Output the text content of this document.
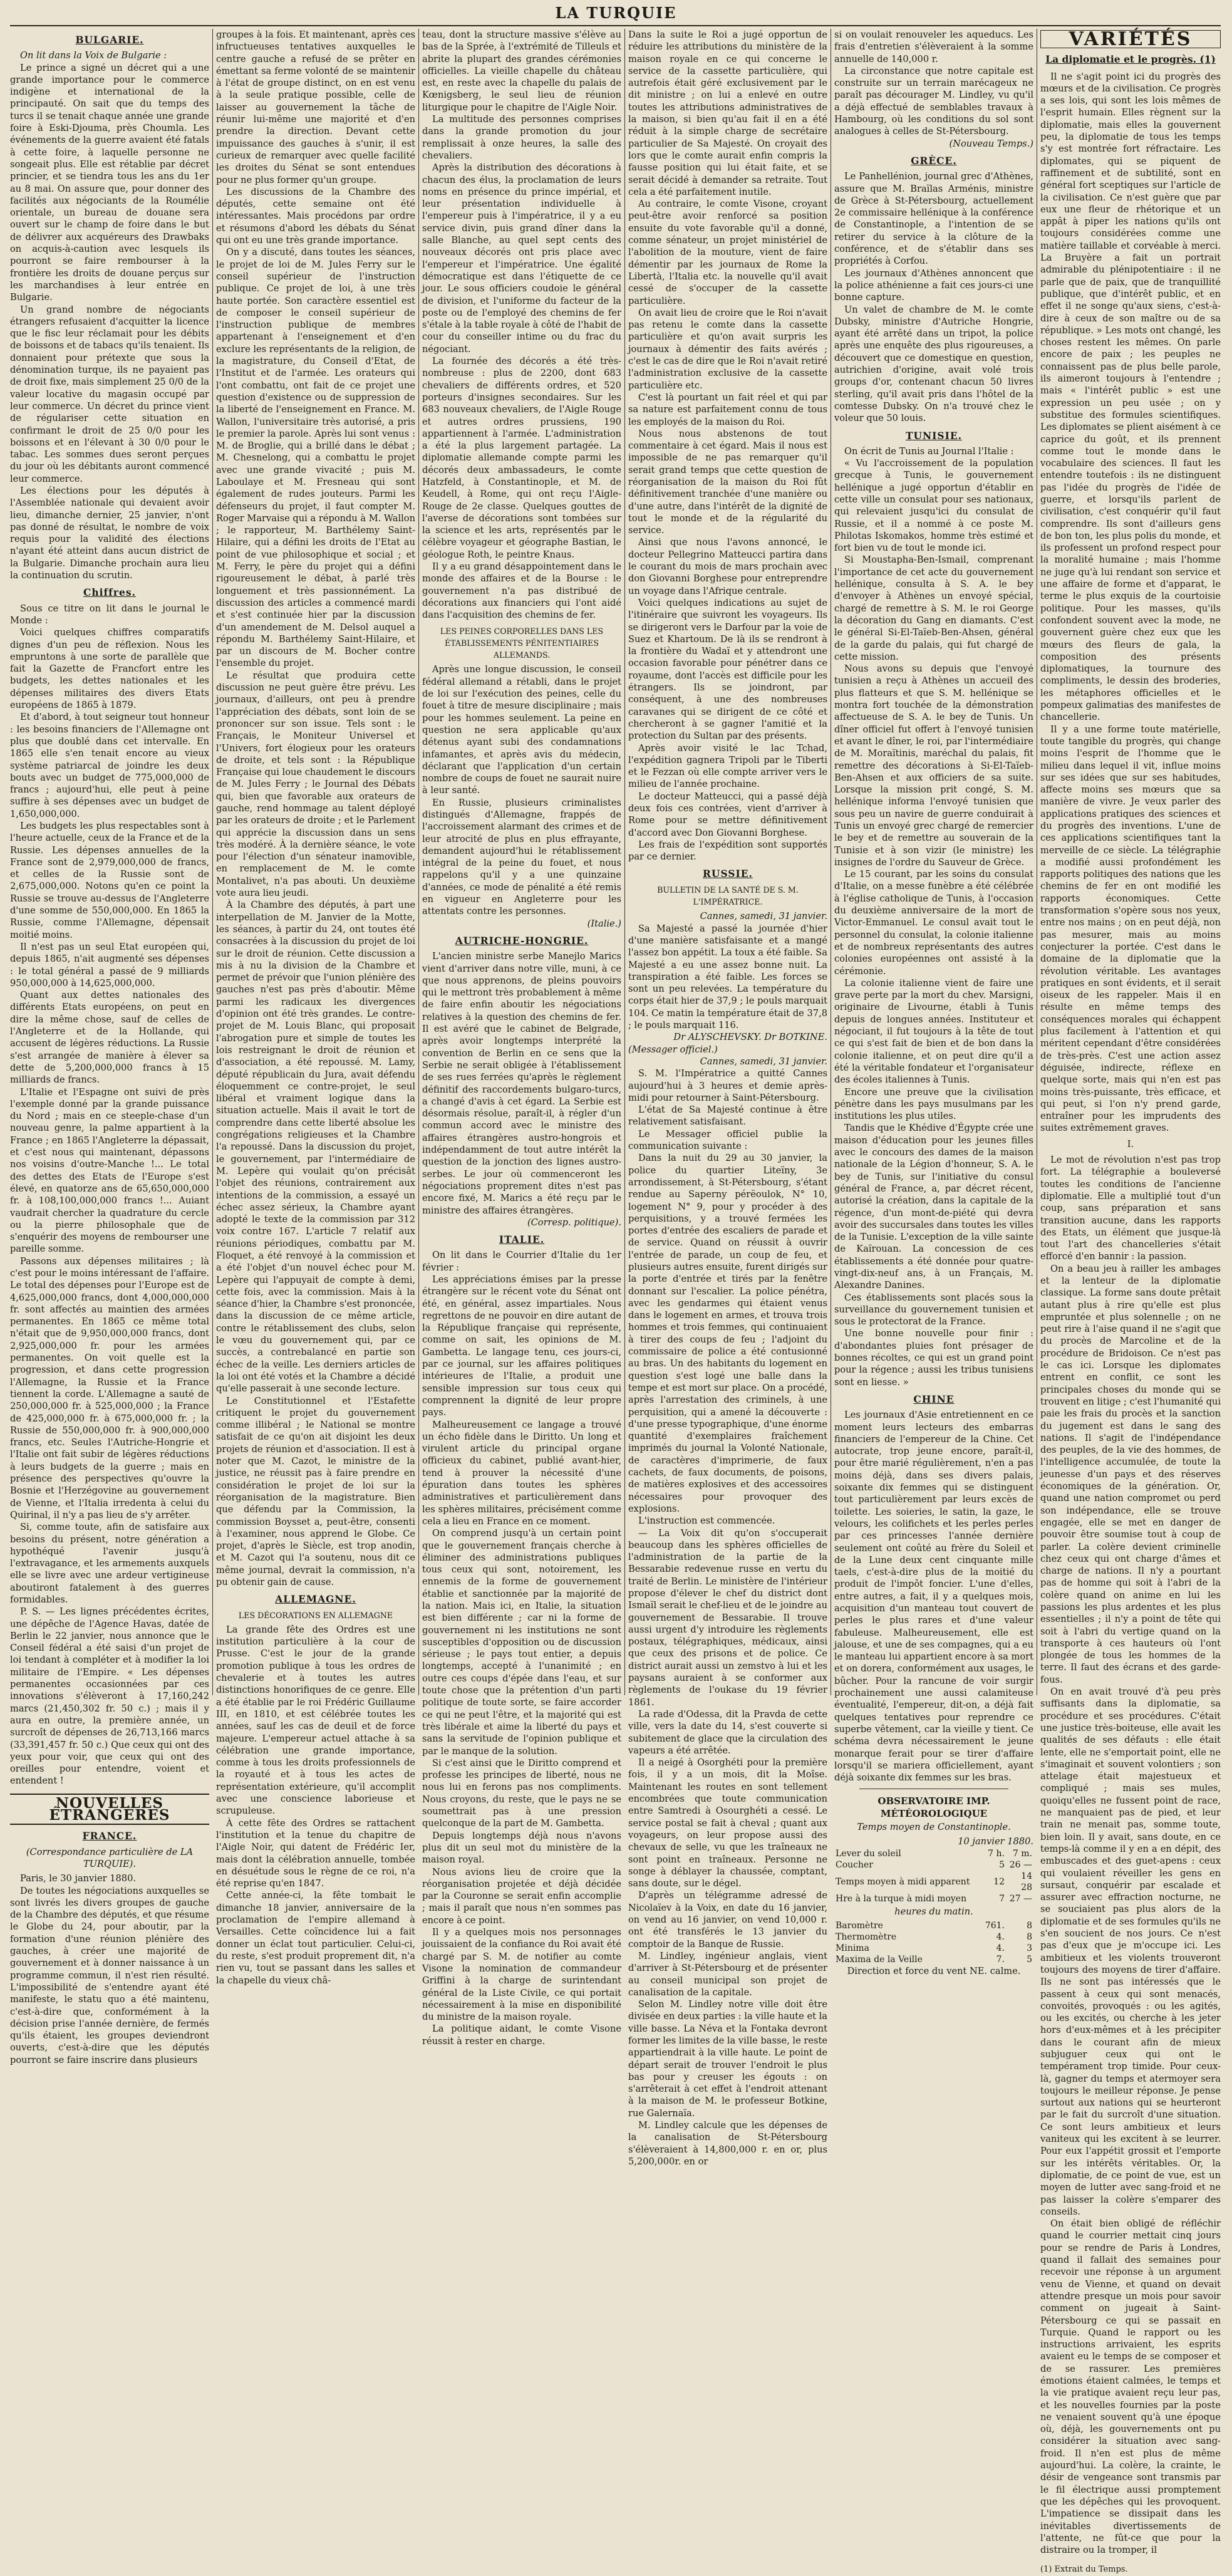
LA TURQUIE
BULGARIE.

On lit dans la Voix de Bulgarie :

Le prince a signé un décret qui a une grande importance pour le commerce indigène et international de la principauté. On sait que du temps des turcs il se tenait chaque année une grande foire à Eski-Djouma, près Choumla. Les événements de la guerre avaient été fatals à cette foire, à laquelle personne ne songeait plus. Elle est rétablie par décret princier, et se tiendra tous les ans du 1er au 8 mai. On assure que, pour donner des facilités aux négociants de la Roumélie orientale, un bureau de douane sera ouvert sur le champ de foire dans le but de délivrer aux acquéreurs des Drawbaks on acquis-à-caution avec lesquels ils pourront se faire rembourser à la frontière les droits de douane perçus sur les marchandises à leur entrée en Bulgarie.

Un grand nombre de négociants étrangers refusaient d'acquitter la licence que le fisc leur réclamait pour les débits de boissons et de tabacs qu'ils tenaient. Ils donnaient pour prétexte que sous la dénomination turque, ils ne payaient pas de droit fixe, mais simplement 25 0/0 de la valeur locative du magasin occupé par leur commerce. Un décret du prince vient de régulariser cette situation en confirmant le droit de 25 0/0 pour les boissons et en l'élevant à 30 0/0 pour le tabac. Les sommes dues seront perçues du jour où les débitants auront commencé leur commerce.

Les élections pour les députés à l'Assemblée nationale qui devaient avoir lieu, dimanche dernier, 25 janvier, n'ont pas donné de résultat, le nombre de voix requis pour la validité des élections n'ayant été atteint dans aucun district de la Bulgarie. Dimanche prochain aura lieu la continuation du scrutin.

Chiffres.

Sous ce titre on lit dans le journal le Monde :

Voici quelques chiffres comparatifs dignes d'un peu de réflexion. Nous les empruntons à une sorte de parallèle que fait la Gazette de Francfort entre les budgets, les dettes nationales et les dépenses militaires des divers Etats européens de 1865 à 1879.

Et d'abord, à tout seigneur tout honneur : les besoins financiers de l'Allemagne ont plus que doublé dans cet intervalle. En 1865 elle s'en tenait encore au vieux système patriarcal de joindre les deux bouts avec un budget de 775,000,000 de francs ; aujourd'hui, elle peut à peine suffire à ses dépenses avec un budget de 1,650,000,000.

Les budgets les plus respectables sont à l'heure actuelle, ceux de la France et de la Russie. Les dépenses annuelles de la France sont de 2,979,000,000 de francs, et celles de la Russie sont de 2,675,000,000. Notons qu'en ce point la Russie se trouve au-dessus de l'Angleterre d'une somme de 550,000,000. En 1865 la Russie, comme l'Allemagne, dépensait moitié moins.

Il n'est pas un seul Etat européen qui, depuis 1865, n'ait augmenté ses dépenses : le total général a passé de 9 milliards 950,000,000 à 14,625,000,000.

Quant aux dettes nationales des différents Etats européens, on peut en dire la même chose, sauf de celles de l'Angleterre et de la Hollande, qui accusent de légères réductions. La Russie s'est arrangée de manière à élever sa dette de 5,200,000,000 francs à 15 milliards de francs.

L'Italie et l'Espagne ont suivi de près l'exemple donné par la grande puissance du Nord ; mais en ce steeple-chase d'un nouveau genre, la palme appartient à la France ; en 1865 l'Angleterre la dépassait, et c'est nous qui maintenant, dépassons nos voisins d'outre-Manche !... Le total des dettes des Etats de l'Europe s'est élevé, en quatorze ans de 65,650,000,000 fr. à 108,100,000,000 francs !... Auiant vaudrait chercher la quadrature du cercle ou la pierre philosophale que de s'enquérir des moyens de rembourser une pareille somme.

Passons aux dépenses militaires ; là c'est pour le moins intéressant de l'affaire. Le total des dépenses pour l'Europe est de 4,625,000,000 francs, dont 4,000,000,000 fr. sont affectés au maintien des armées permanentes. En 1865 ce même total n'était que de 9,950,000,000 francs, dont 2,925,000,000 fr. pour les armées permanentes. On voit quelle est la progression, et dans cette progression l'Allemagne, la Russie et la France tiennent la corde. L'Allemagne a sauté de 250,000,000 fr. à 525,000,000 ; la France de 425,000,000 fr. à 675,000,000 fr. ; la Russie de 550,000,000 fr. à 900,000,000 francs, etc. Seules l'Autriche-Hongrie et l'Italie ont fait subir de légères réductions à leurs budgets de la guerre ; mais en présence des perspectives qu'ouvre la Bosnie et l'Herzégovine au gouvernement de Vienne, et l'Italia irredenta à celui du Quirinal, il n'y a pas lieu de s'y arrêter.

Si, comme toute, afin de satisfaire aux besoins du présent, notre génération a hypothéqué l'avenir jusqu'à l'extravagance, et les armements auxquels elle se livre avec une ardeur vertigineuse aboutiront fatalement à des guerres formidables.

P. S. — Les lignes précédentes écrites, une dépêche de l'Agence Havas, datée de Berlin le 22 janvier, nous annonce que le Conseil fédéral a été saisi d'un projet de loi tendant à compléter et à modifier la loi militaire de l'Empire. « Les dépenses permanentes occasionnées par ces innovations s'élèveront à 17,160,242 marcs (21,450,302 fr. 50 c.) ; mais il y aura en outre, la première année, un surcroît de dépenses de 26,713,166 marcs (33,391,457 fr. 50 c.) Que ceux qui ont des yeux pour voir, que ceux qui ont des oreilles pour entendre, voient et entendent !

NOUVELLES ÉTRANGÈRES
FRANCE.
(Correspondance particulière de LA TURQUIE).

Paris, le 30 janvier 1880.

De toutes les négociations auxquelles se sont livrés les divers groupes de gauche de la Chambre des députés, et que résume le Globe du 24, pour aboutir, par la formation d'une réunion plénière des gauches, à créer une majorité de gouvernement et à donner naissance à un programme commun, il n'est rien résulté. L'impossibilité de s'entendre ayant été manifeste, le statu quo a été maintenu, c'est-à-dire que, conformément à la décision prise l'année dernière, de fermés qu'ils étaient, les groupes deviendront ouverts, c'est-à-dire que les députés pourront se faire inscrire dans plusieurs

groupes à la fois. Et maintenant, après ces infructueuses tentatives auxquelles le centre gauche a refusé de se prêter en émettant sa ferme volonté de se maintenir à l'état de groupe distinct, on en est venu à la seule pratique possible, celle de laisser au gouvernement la tâche de réunir lui-même une majorité et d'en prendre la direction. Devant cette impuissance des gauches à s'unir, il est curieux de remarquer avec quelle facilité les droites du Sénat se sont entendues pour ne plus former qu'un groupe.

Les discussions de la Chambre des députés, cette semaine ont été intéressantes. Mais procédons par ordre et résumons d'abord les débats du Sénat qui ont eu une très grande importance.

On y a discuté, dans toutes les séances, le projet de loi de M. Jules Ferry sur le conseil supérieur de l'instruction publique. Ce projet de loi, à une très haute portée. Son caractère essentiel est de composer le conseil supérieur de l'instruction publique de membres appartenant à l'enseignement et d'en exclure les représentants de la religion, de la magistrature, du Conseil d'Etat, de l'Institut et de l'armée. Les orateurs qui l'ont combattu, ont fait de ce projet une question d'existence ou de suppression de la liberté de l'enseignement en France. M. Wallon, l'universitaire très autorisé, a pris le premier la parole. Après lui sont venus : M. de Broglie, qui a brillé dans le débat ; M. Chesnelong, qui a combattu le projet avec une grande vivacité ; puis M. Laboulaye et M. Fresneau qui sont également de rudes jouteurs. Parmi les défenseurs du projet, il faut compter M. Roger Marvaise qui a répondu à M. Wallon ; le rapporteur, M. Barthélemy Saint-Hilaire, qui a défini les droits de l'Etat au point de vue philosophique et social ; et M. Ferry, le père du projet qui a défini rigoureusement le débat, à parlé très longuement et très passionnément. La discussion des articles a commencé mardi et s'est continuée hier par la discussion d'un amendement de M. Delsol auquel a répondu M. Barthélemy Saint-Hilaire, et par un discours de M. Bocher contre l'ensemble du projet.

Le résultat que produira cette discussion ne peut guère être prévu. Les journaux, d'ailleurs, ont peu à prendre l'appréciation des débats, sont loin de se prononcer sur son issue. Tels sont : le Français, le Moniteur Universel et l'Univers, fort élogieux pour les orateurs de droite, et tels sont : la République Française qui loue chaudement le discours de M. Jules Ferry ; le Journal des Débats qui, bien que favorable aux orateurs de gauche, rend hommage au talent déployé par les orateurs de droite ; et le Parlement qui apprécie la discussion dans un sens très modéré. À la dernière séance, le vote pour l'élection d'un sénateur inamovible, en remplacement de M. le comte Montalivet, n'a pas abouti. Un deuxième vote aura lieu jeudi.

À la Chambre des députés, à part une interpellation de M. Janvier de la Motte, les séances, à partir du 24, ont toutes été consacrées à la discussion du projet de loi sur le droit de réunion. Cette discussion a mis à nu la division de la Chambre et permet de prévoir que l'union plénière des gauches n'est pas près d'aboutir. Même parmi les radicaux les divergences d'opinion ont été très grandes. Le contre-projet de M. Louis Blanc, qui proposait l'abrogation pure et simple de toutes les lois restreignant le droit de réunion et d'association, a été repoussé. M. Lamy, député républicain du Jura, avait défendu éloquemment ce contre-projet, le seul libéral et vraiment logique dans la situation actuelle. Mais il avait le tort de comprendre dans cette liberté absolue les congrégations religieuses et la Chambre l'a repoussé. Dans la discussion du projet, le gouvernement, par l'intermédiaire de M. Lepère qui voulait qu'on précisât l'objet des réunions, contrairement aux intentions de la commission, a essayé un échec assez sérieux, la Chambre ayant adopté le texte de la commission par 312 voix contre 167. L'article 7 relatif aux réunions périodiques, combattu par M. Floquet, a été renvoyé à la commission et a été l'objet d'un nouvel échec pour M. Lepère qui l'appuyait de compte à demi, cette fois, avec la commission. Mais à la séance d'hier, la Chambre s'est prononcée, dans la discussion de ce même article, contre le rétablissement des clubs, selon le vœu du gouvernement qui, par ce succès, a contrebalancé en partie son échec de la veille. Les derniers articles de la loi ont été votés et la Chambre a décidé qu'elle passerait à une seconde lecture.

Le Constitutionnel et l'Estafette critiquent le projet du gouvernement comme illibéral ; le National se montre satisfait de ce qu'on ait disjoint les deux projets de réunion et d'association. Il est à noter que M. Cazot, le ministre de la justice, ne réussit pas à faire prendre en considération le projet de loi sur la réorganisation de la magistrature. Bien que défendu par la Commission, la commission Boysset a, peut-être, consenti à l'examiner, nous apprend le Globe. Ce projet, d'après le Siècle, est trop anodin, et M. Cazot qui l'a soutenu, nous dit ce même journal, devrait la commission, n'a pu obtenir gain de cause.

ALLEMAGNE.
LES DÉCORATIONS EN ALLEMAGNE

La grande fête des Ordres est une institution particulière à la cour de Prusse. C'est le jour de la grande promotion publique à tous les ordres de chevalerie et à toutes les autres distinctions honorifiques de ce genre. Elle a été établie par le roi Frédéric Guillaume III, en 1810, et est célébrée toutes les années, sauf les cas de deuil et de force majeure. L'empereur actuel attache à sa célébration une grande importance, comme à tous les droits professionnels de la royauté et à tous les actes de représentation extérieure, qu'il accomplit avec une conscience laborieuse et scrupuleuse.

À cette fête des Ordres se rattachent l'institution et la tenue du chapitre de l'Aigle Noir, qui datent de Frédéric Ier, mais dont la célébration annuelle, tombée en désuétude sous le règne de ce roi, n'a été reprise qu'en 1847.

Cette année-ci, la fête tombait le dimanche 18 janvier, anniversaire de la proclamation de l'empire allemand à Versailles. Cette coïncidence lui a fait donner un éclat tout particulier. Celui-ci, du reste, s'est produit proprement dit, n'a rien vu, tout se passant dans les salles et la chapelle du vieux châ-

teau, dont la structure massive s'élève au bas de la Sprée, à l'extrémité de Tilleuls et abrite la plupart des grandes cérémonies officielles. La vieille chapelle du château est, en reste avec la chapelle du palais de Kœnigsberg, le seul lieu de réunion liturgique pour le chapitre de l'Aigle Noir.

La multitude des personnes comprises dans la grande promotion du jour remplissait à onze heures, la salle des chevaliers.

Après la distribution des décorations à chacun des élus, la proclamation de leurs noms en présence du prince impérial, et leur présentation individuelle à l'empereur puis à l'impératrice, il y a eu service divin, puis grand dîner dans la salle Blanche, au quel sept cents des nouveaux décorés ont pris place avec l'empereur et l'impératrice. Une égalité démocratique est dans l'étiquette de ce jour. Le sous officiers coudoie le général de division, et l'uniforme du facteur de la poste ou de l'employé des chemins de fer s'étale à la table royale à côté de l'habit de cour du conseiller intime ou du frac du négociant.

La fournée des décorés a été très-nombreuse : plus de 2200, dont 683 chevaliers de différents ordres, et 520 porteurs d'insignes secondaires. Sur les 683 nouveaux chevaliers, de l'Aigle Rouge et autres ordres prussiens, 190 appartiennent à l'armée. L'administration a été la plus largement partagée. La diplomatie allemande compte parmi les décorés deux ambassadeurs, le comte Hatzfeld, à Constantinople, et M. de Keudell, à Rome, qui ont reçu l'Aigle-Rouge de 2e classe. Quelques gouttes de l'averse de décorations sont tombées sur la science et les arts, représentés par le célèbre voyageur et géographe Bastian, le géologue Roth, le peintre Knaus.

Il y a eu grand désappointement dans le monde des affaires et de la Bourse : le gouvernement n'a pas distribué de décorations aux financiers qui l'ont aidé dans l'acquisition des chemins de fer.

LES PEINES CORPORELLES DANS LES ÉTABLISSEMENTS PÉNITENTIAIRES ALLEMANDS.

Après une longue discussion, le conseil fédéral allemand a rétabli, dans le projet de loi sur l'exécution des peines, celle du fouet à titre de mesure disciplinaire ; mais pour les hommes seulement. La peine en question ne sera applicable qu'aux détenus ayant subi des condamnations infamantes, et après avis du médecin, déclarant que l'application d'un certain nombre de coups de fouet ne saurait nuire à leur santé.

En Russie, plusieurs criminalistes distingués d'Allemagne, frappés de l'accroissement alarmant des crimes et de leur atrocité de plus en plus effrayante, demandent aujourd'hui le rétablissement intégral de la peine du fouet, et nous rappelons qu'il y a une quinzaine d'années, ce mode de pénalité a été remis en vigueur en Angleterre pour les attentats contre les personnes.

(Italie.)
AUTRICHE-HONGRIE.

L'ancien ministre serbe Manejlo Marics vient d'arriver dans notre ville, muni, à ce que nous apprenons, de pleins pouvoirs qui le mettront très probablement à même de faire enfin aboutir les négociations relatives à la question des chemins de fer. Il est avéré que le cabinet de Belgrade, après avoir longtemps interprété la convention de Berlin en ce sens que la Serbie ne serait obligée à l'établissement de ses rues ferrées qu'après le règlement définitif des raccordements bulgaro-turcs, a changé d'avis à cet égard. La Serbie est désormais résolue, paraît-il, à régler d'un commun accord avec le ministre des affaires étrangères austro-hongrois et indépendamment de tout autre intérêt la question de la jonction des lignes austro-serbes. Le jour où commenceront les négociations proprement dites n'est pas encore fixé, M. Marics a été reçu par le ministre des affaires étrangères.

(Corresp. politique).
ITALIE.

On lit dans le Courrier d'Italie du 1er février :

Les appréciations émises par la presse étrangère sur le récent vote du Sénat ont été, en général, assez impartiales. Nous regrettons de ne pouvoir en dire autant de la République française qui représente, comme on sait, les opinions de M. Gambetta. Le langage tenu, ces jours-ci, par ce journal, sur les affaires politiques intérieures de l'Italie, a produit une sensible impression sur tous ceux qui comprennent la dignité de leur propre pays.

Malheureusement ce langage a trouvé un écho fidèle dans le Diritto. Un long et virulent article du principal organe officieux du cabinet, publié avant-hier, tend à prouver la nécessité d'une épuration dans toutes les sphères administratives et particulièrement dans les sphères militaires, précisément comme cela a lieu en France en ce moment.

On comprend jusqu'à un certain point que le gouvernement français cherche à éliminer des administrations publiques tous ceux qui sont, notoirement, les ennemis de la forme de gouvernement établie et sanctionnée par la majorité de la nation. Mais ici, en Italie, la situation est bien différente ; car ni la forme de gouvernement ni les institutions ne sont susceptibles d'opposition ou de discussion sérieuse ; le pays tout entier, a depuis longtemps, accepté à l'unanimité ; en outre ces coups d'épée dans l'eau, et sur toute chose que la prétention d'un parti politique de toute sorte, se faire accorder ce qui ne peut l'être, et la majorité qui est très libérale et aime la liberté du pays et sans la servitude de l'opinion publique et par le manque de la solution.

Si c'est ainsi que le Diritto comprend et professe les principes de liberté, nous ne nous lui en ferons pas nos compliments. Nous croyons, du reste, que le pays ne se soumettrait pas à une pression quelconque de la part de M. Gambetta.

Depuis longtemps déjà nous n'avons plus dit un seul mot du ministère de la maison royal.

Nous avions lieu de croire que la réorganisation projetée et déjà décidée par la Couronne se serait enfin accomplie ; mais il paraît que nous n'en sommes pas encore à ce point.

Il y a quelques mois nos personnages jouissaient de la confiance du Roi avait été chargé par S. M. de notifier au comte Visone la nomination de commandeur Griffini à la charge de surintendant général de la Liste Civile, ce qui portait nécessairement à la mise en disponibilité du ministre de la maison royale.

La politique aidant, le comte Visone réussit à rester en charge.

Dans la suite le Roi a jugé opportun de réduire les attributions du ministère de la maison royale en ce qui concerne le service de la cassette particulière, qui autrefois était géré exclusivement par le dit ministre ; on lui a enlevé en outre toutes les attributions administratives de la maison, si bien qu'au fait il en a été réduit à la simple charge de secrétaire particulier de Sa Majesté. On croyait des lors que le comte aurait enfin compris la fausse position qui lui était faite, et se serait décidé à demander sa retraite. Tout cela a été parfaitement inutile.

Au contraire, le comte Visone, croyant peut-être avoir renforcé sa position ensuite du vote favorable qu'il a donné, comme sénateur, un projet ministériel de l'abolition de la mouture, vient de faire démentir par les journaux de Rome la Libertà, l'Italia etc. la nouvelle qu'il avait cessé de s'occuper de la cassette particulière.

On avait lieu de croire que le Roi n'avait pas retenu le comte dans la cassette particulière et qu'on avait surpris les journaux à démentir des faits avérés ; c'est le cas de dire que le Roi n'avait retiré l'administration exclusive de la cassette particulière etc.

C'est là pourtant un fait réel et qui par sa nature est parfaitement connu de tous les employés de la maison du Roi.

Nous nous abstenons de tout commentaire à cet égard. Mais il nous est impossible de ne pas remarquer qu'il serait grand temps que cette question de réorganisation de la maison du Roi fût définitivement tranchée d'une manière ou d'une autre, dans l'intérêt de la dignité de tout le monde et de la régularité du service.

Ainsi que nous l'avons annoncé, le docteur Pellegrino Matteucci partira dans le courant du mois de mars prochain avec don Giovanni Borghese pour entreprendre un voyage dans l'Afrique centrale.

Voici quelques indications au sujet de l'itinéraire que suivront les voyageurs. Ils se dirigeront vers le Darfour par la voie de Suez et Khartoum. De là ils se rendront à la frontière du Wadaï et y attendront une occasion favorable pour pénétrer dans ce royaume, dont l'accès est difficile pour les étrangers. Ils se joindront, par conséquent, à une des nombreuses caravanes qui se dirigent de ce côté et chercheront à se gagner l'amitié et la protection du Sultan par des présents.

Après avoir visité le lac Tchad, l'expédition gagnera Tripoli par le Tiberti et le Fezzan où elle compte arriver vers le milieu de l'année prochaine.

Le docteur Matteucci, qui a passé déjà deux fois ces contrées, vient d'arriver à Rome pour se mettre définitivement d'accord avec Don Giovanni Borghese.

Les frais de l'expédition sont supportés par ce dernier.

RUSSIE.
BULLETIN DE LA SANTÉ DE S. M. L'IMPÉRATRICE.
Cannes, samedi, 31 janvier.

Sa Majesté a passé la journée d'hier d'une manière satisfaisante et a mangé l'assez bon appétit. La toux a été faible. Sa Majesté a eu une assez bonne nuit. La transpiration a été faible. Les forces se sont un peu relevées. La température du corps était hier de 37,9 ; le pouls marquait 104. Ce matin la température était de 37,8 ; le pouls marquait 116.

Dr ALYSCHEVSKY. Dr BOTKINE.

(Messager officiel.)

Cannes, samedi, 31 janvier.

S. M. l'Impératrice a quitté Cannes aujourd'hui à 3 heures et demie après-midi pour retourner à Saint-Pétersbourg.

L'état de Sa Majesté continue à être relativement satisfaisant.

Le Messager officiel publie la communication suivante :

Dans la nuit du 29 au 30 janvier, la police du quartier Liteïny, 3e arrondissement, à St-Pétersbourg, s'étant rendue au Saperny pérëoulok, N° 10, logement N° 9, pour y procéder à des perquisitions, y a trouvé fermées les portes d'entrée des escaliers de parade et de service. Quand on réussit à ouvrir l'entrée de parade, un coup de feu, et plusieurs autres ensuite, furent dirigés sur la porte d'entrée et tirés par la fenêtre donnant sur l'escalier. La police pénétra, avec les gendarmes qui étaient venus dans le logement en armes, et trouva trois hommes et trois femmes, qui continuaient à tirer des coups de feu ; l'adjoint du commissaire de police a été contusionné au bras. Un des habitants du logement en question s'est logé une balle dans la tempe et est mort sur place. On a procédé, après l'arrestation des criminels, à une perquisition, qui a amené la découverte : d'une presse typographique, d'une énorme quantité d'exemplaires fraîchement imprimés du journal la Volonté Nationale, de caractères d'imprimerie, de faux cachets, de faux documents, de poisons, de matières explosives et des accessoires nécessaires pour provoquer des explosions.

L'instruction est commencée.

— La Voix dit qu'on s'occuperait beaucoup dans les sphères officielles de l'administration de la partie de la Bessarabie redevenue russe en vertu du traité de Berlin. Le ministère de l'intérieur propose d'élever le chef du district dont Ismaïl serait le chef-lieu et de le joindre au gouvernement de Bessarabie. Il trouve aussi urgent d'y introduire les règlements postaux, télégraphiques, médicaux, ainsi que ceux des prisons et de police. Ce district aurait aussi un zemstvo à lui et les paysans auraient à se conformer aux règlements de l'oukase du 19 février 1861.

La rade d'Odessa, dit la Pravda de cette ville, vers la date du 14, s'est couverte si subitement de glace que la circulation des vapeurs a été arrêtée.

Il a neigé à Osorghéti pour la première fois, il y a un mois, dit la Moîse. Maintenant les routes en sont tellement encombrées que toute communication entre Samtredi à Osourghéti a cessé. Le service postal se fait à cheval ; quant aux voyageurs, on leur propose aussi des chevaux de selle, vu que les traîneaux ne sont point en traîneaux. Personne ne songe à déblayer la chaussée, comptant, sans doute, sur le dégel.

D'après un télégramme adressé de Nicolaïev à la Voix, en date du 16 janvier, on vend au 16 janvier, on vend 10,000 r. ont été transférés le 13 janvier du comptoir de la Banque de Russie.

M. Lindley, ingénieur anglais, vient d'arriver à St-Pétersbourg et de présenter au conseil municipal son projet de canalisation de la capitale.

Selon M. Lindley notre ville doit être divisée en deux parties : la ville haute et la ville basse. La Néva et la Fontaka devront former les limites de la ville basse, le reste appartiendrait à la ville haute. Le point de départ serait de trouver l'endroit le plus bas pour y creuser les égouts : on s'arrêterait à cet effet à l'endroit attenant à la maison de M. le professeur Botkine, rue Galernaïa.

M. Lindley calcule que les dépenses de la canalisation de St-Pétersbourg s'élèveraient à 14,800,000 r. en or, plus 5,200,000r. en or

si on voulait renouveler les aqueducs. Les frais d'entretien s'élèveraient à la somme annuelle de 140,000 r.

La circonstance que notre capitale est construite sur un terrain marécageux ne paraît pas décourager M. Lindley, vu qu'il a déjà effectué de semblables travaux à Hambourg, où les conditions du sol sont analogues à celles de St-Pétersbourg.

(Nouveau Temps.)
GRÈCE.

Le Panhellénion, journal grec d'Athènes, assure que M. Braïlas Arménis, ministre de Grèce à St-Pétersbourg, actuellement 2e commissaire hellénique à la conférence de Constantinople, a l'intention de se retirer du service à la clôture de la conférence, et de s'établir dans ses propriétés à Corfou.

Les journaux d'Athènes annoncent que la police athénienne a fait ces jours-ci une bonne capture.

Un valet de chambre de M. le comte Dubsky, ministre d'Autriche Hongrie, ayant été arrêté dans un tripot, la police après une enquête des plus rigoureuses, a découvert que ce domestique en question, autrichien d'origine, avait volé trois groups d'or, contenant chacun 50 livres sterling, qu'il avait pris dans l'hôtel de la comtesse Dubsky. On n'a trouvé chez le voleur que 50 louis.

TUNISIE.

On écrit de Tunis au Journal l'Italie :

« Vu l'accroissement de la population grecque à Tunis, le gouvernement hellénique a jugé opportun d'établir en cette ville un consulat pour ses nationaux, qui relevaient jusqu'ici du consulat de Russie, et il a nommé à ce poste M. Philotas Iskomakos, homme très estimé et fort bien vu de tout le monde ici.

Si Moustapha-Ben-Ismail, comprenant l'importance de cet acte du gouvernement hellénique, consulta à S. A. le bey d'envoyer à Athènes un envoyé spécial, chargé de remettre à S. M. le roi George la décoration du Gang en diamants. C'est le général Si-El-Taïeb-Ben-Ahsen, général de la garde du palais, qui fut chargé de cette mission.

Nous avons su depuis que l'envoyé tunisien a reçu à Athènes un accueil des plus flatteurs et que S. M. hellénique se montra fort touchée de la démonstration affectueuse de S. A. le bey de Tunis. Un dîner officiel fut offert à l'envoyé tunisien et avant le dîner, le roi, par l'intermédiaire de M. Moraïtinis, maréchal du palais, fit remettre des décorations à Si-El-Taïeb-Ben-Ahsen et aux officiers de sa suite. Lorsque la mission prit congé, S. M. hellénique informa l'envoyé tunisien que sous peu un navire de guerre conduirait à Tunis un envoyé grec chargé de remercier le bey et de remettre au souverain de la Tunisie et à son vizir (le ministre) les insignes de l'ordre du Sauveur de Grèce.

Le 15 courant, par les soins du consulat d'Italie, on a messe funèbre a été célébrée à l'église catholique de Tunis, à l'occasion du deuxième anniversaire de la mort de Victor-Emmanuel. Le consul avait tout le personnel du consulat, la colonie italienne et de nombreux représentants des autres colonies européennes ont assisté à la cérémonie.

La colonie italienne vient de faire une grave perte par la mort du chev. Marsigni, originaire de Livourne, établi à Tunis depuis de longues années. Instituteur et négociant, il fut toujours à la tête de tout ce qui s'est fait de bien et de bon dans la colonie italienne, et on peut dire qu'il a été la véritable fondateur et l'organisateur des écoles italiennes à Tunis.

Encore une preuve que la civilisation pénètre dans les pays musulmans par les institutions les plus utiles.

Tandis que le Khédive d'Égypte crée une maison d'éducation pour les jeunes filles avec le concours des dames de la maison nationale de la Légion d'honneur, S. A. le bey de Tunis, sur l'initiative du consul général de France, a, par décret récent, autorisé la création, dans la capitale de la régence, d'un mont-de-piété qui devra avoir des succursales dans toutes les villes de la Tunisie. L'exception de la ville sainte de Kaïrouan. La concession de ces établissements a été donnée pour quatre-vingt-dix-neuf ans, à un Français, M. Alexandre Danines.

Ces établissements sont placés sous la surveillance du gouvernement tunisien et sous le protectorat de la France.

Une bonne nouvelle pour finir : d'abondantes pluies font présager de bonnes récoltes, ce qui est un grand point pour la régence ; aussi les tribus tunisiens sont en liesse. »

CHINE

Les journaux d'Asie entretiennent en ce moment leurs lecteurs des embarras financiers de l'empereur de la Chine. Cet autocrate, trop jeune encore, paraît-il, pour être marié régulièrement, n'en a pas moins déjà, dans ses divers palais, soixante dix femmes qui se distinguent tout particulièrement par leurs excès de toilette. Les soieries, le satin, la gaze, le velours, les colifichets et les perles perles par ces princesses l'année dernière seulement ont coûté au frère du Soleil et de la Lune deux cent cinquante mille taels, c'est-à-dire plus de la moitié du produit de l'impôt foncier. L'une d'elles, entre autres, a fait, il y a quelques mois, acquisition d'un manteau tout couvert de perles le plus rares et d'une valeur fabuleuse. Malheureusement, elle est jalouse, et une de ses compagnes, qui a eu le manteau lui appartient encore à sa mort et on dorera, conformément aux usages, le bûcher. Pour la rancune de voir surgir prochainement une aussi calamiteuse éventualité, l'empereur, dit-on, a déjà fait quelques tentatives pour reprendre ce superbe vêtement, car la vieille y tient. Ce schéma devra nécessairement le jeune monarque ferait pour se tirer d'affaire lorsqu'il se mariera officiellement, ayant déjà soixante dix femmes sur les bras.

OBSERVATOIRE IMP. MÉTÉOROLOGIQUE
Temps moyen de Constantinople.
10 janvier 1880.
Lever du soleil	7 h.	7 m.
Coucher	5	26 —
Temps moyen à midi apparent	12	14 28
Hre à la turque à midi moyen	7	27 —
heures du matin.
Baromètre	761.	8
Thermomètre	4.	8
Minima	4.	3
Maxima de la Veille	7.	5
Direction et force du vent NE. calme.
VARIÉTÉS
La diplomatie et le progrès. (1)

Il ne s'agit point ici du progrès des mœurs et de la civilisation. Ce progrès a ses lois, qui sont les lois mêmes de l'esprit humain. Elles règnent sur la diplomatie, mais elles la gouvernent peu, la diplomatie de tous les temps s'y est montrée fort réfractaire. Les diplomates, qui se piquent de raffinement et de subtilité, sont en général fort sceptiques sur l'article de la civilisation. Ce n'est guère que par eux une fleur de rhétorique et un appât à piper les nations qu'ils ont toujours considérées comme une matière taillable et corvéable à merci. La Bruyère a fait un portrait admirable du plénipotentiaire : il ne parle que de paix, que de tranquillité publique, que d'intérêt public, et en effet il ne songe qu'aux siens, c'est-à-dire à ceux de son maître ou de sa république. » Les mots ont changé, les choses restent les mêmes. On parle encore de paix ; les peuples ne connaissent pas de plus belle parole, ils aimeront toujours à l'entendre ; mais « l'intérêt public » est une expression un peu usée ; on y substitue des formules scientifiques. Les diplomates se plient aisément à ce caprice du goût, et ils prennent comme tout le monde dans le vocabulaire des sciences. Il faut les entendre toutefois : ils ne distinguent pas l'idée du progrès de l'idée de guerre, et lorsqu'ils parlent de civilisation, c'est conquérir qu'il faut comprendre. Ils sont d'ailleurs gens de bon ton, les plus polis du monde, et ils professent un profond respect pour la moralité humaine ; mais l'homme ne juge qu'à lui rendant son service et une affaire de forme et d'apparat, le terme le plus exquis de la courtoisie politique. Pour les masses, qu'ils confondent souvent avec la mode, ne gouvernent guère chez eux que les mœurs des fleurs de gala, la composition des présents diplomatiques, la tournure des compliments, le dessin des broderies, les métaphores officielles et le pompeux galimatias des manifestes de chancellerie.

Il y a une forme toute matérielle, toute tangible du progrès, qui change moins l'esprit de l'homme que le milieu dans lequel il vit, influe moins sur ses idées que sur ses habitudes, affecte moins ses mœurs que sa manière de vivre. Je veux parler des applications pratiques des sciences et du progrès des inventions. L'une de ces applications scientifiques tant la merveille de ce siècle. La télégraphie a modifié aussi profondément les rapports politiques des nations que les chemins de fer en ont modifié les rapports économiques. Cette transformation s'opère sous nos yeux, entre nos mains ; on en peut déjà, non pas mesurer, mais au moins conjecturer la portée. C'est dans le domaine de la diplomatie que la révolution véritable. Les avantages pratiques en sont évidents, et il serait oiseux de les rappeler. Mais il en résulte en même temps des conséquences morales qui échappent plus facilement à l'attention et qui méritent cependant d'être considérées de très-près. C'est une action assez déguisée, indirecte, réflexe en quelque sorte, mais qui n'en est pas moins très-puissante, très efficace, et qui peut, si l'on n'y prend garde, entraîner pour les imprudents des suites extrêmement graves.

I.

Le mot de révolution n'est pas trop fort. La télégraphie a bouleversé toutes les conditions de l'ancienne diplomatie. Elle a multiplié tout d'un coup, sans préparation et sans transition aucune, dans les rapports des Etats, un élément que jusque-là tout l'art des chancelleries s'était efforcé d'en bannir : la passion.

On a beau jeu à railler les ambages et la lenteur de la diplomatie classique. La forme sans doute prêtait autant plus à rire qu'elle est plus empruntée et plus solennelle ; on ne peut rire à l'aise quand il ne s'agit que du procès de Marcoline et de la procédure de Bridoison. Ce n'est pas le cas ici. Lorsque les diplomates entrent en conflit, ce sont les principales choses du monde qui se trouvent en litige ; c'est l'humanité qui paie les frais du procès et la sanction du jugement est dans le sang des nations. Il s'agit de l'indépendance des peuples, de la vie des hommes, de l'intelligence accumulée, de toute la jeunesse d'un pays et des réserves économiques de la génération. Or, quand une nation compromet ou perd son indépendance, elle se trouve engagée, elle se met en danger de pouvoir être soumise tout à coup de parler. La colère devient criminelle chez ceux qui ont charge d'âmes et charge de nations. Il n'y a pourtant pas de homme qui soit à l'abri de la colère quand on anime en lui les passions les plus ardentes et les plus essentielles ; il n'y a point de tête qui soit à l'abri du vertige quand on la transporte à ces hauteurs où l'ont plongée de tous les hommes de la terre. Il faut des écrans et des garde-fous.

On en avait trouvé d'à peu près suffisants dans la diplomatie, sa procédure et ses procédures. C'était une justice très-boiteuse, elle avait les qualités de ses défauts : elle était lente, elle ne s'emportait point, elle ne s'imaginait et souvent volontiers ; son attelage était majestueux et compliqué ; mais ses mules, quoiqu'elles ne fussent point de race, ne manquaient pas de pied, et leur train ne menait pas, somme toute, bien loin. Il y avait, sans doute, en ce temps-là comme il y en a en dépit, des embuscades et des guet-apens : ceux qui voulaient réveiller les gens en sursaut, conquérir par escalade et assurer avec effraction nocturne, ne se souciaient pas plus alors de la diplomatie et de ses formules qu'ils ne s'en soucient de nos jours. Ce n'est pas d'eux que je m'occupe ici. Les ambitieux et les violents trouveront toujours des moyens de tirer d'affaire. Ils ne sont pas intéressés que le passent à ceux qui sont menacés, convoités, provoqués : ou les agités, ou les excités, ou cherche à les jeter hors d'eux-mêmes et à les précipiter dans le courant afin de mieux subjuguer ceux qui ont le tempérament trop timide. Pour ceux-là, gagner du temps et atermoyer sera toujours le meilleur réponse. Je pense surtout aux nations qui se heurteront par le fait du surcroît d'une situation. Ce sont leurs ambitieux et leurs vaniteux qui les excitent à se leurrer. Pour eux l'appétit grossit et l'emporte sur les intérêts véritables. Or, la diplomatie, de ce point de vue, est un moyen de lutter avec sang-froid et ne pas laisser la colère s'emparer des conseils.

On était bien obligé de réfléchir quand le courrier mettait cinq jours pour se rendre de Paris à Londres, quand il fallait des semaines pour recevoir une réponse à un argument venu de Vienne, et quand on devait attendre presque un mois pour savoir comment on jugeait à Saint-Pétersbourg ce qui se passait en Turquie. Quand le rapport ou les instructions arrivaient, les esprits avaient eu le temps de se composer et de se rassurer. Les premières émotions étaient calmées, le temps et la vie pratique avaient reçu leur pas, et les nouvelles fournies par la poste ne venaient souvent qu'à une époque où, déjà, les gouvernements ont pu considérer la situation avec sang-froid. Il n'en est plus de même aujourd'hui. La colère, la crainte, le désir de vengeance sont transmis par le fil électrique aussi promptement que les dépêches qui les provoquent. L'impatience se dissipait dans les inévitables divertissements de l'attente, ne fût-ce que pour la distraire ou la tromper, il

(1) Extrait du Temps.
